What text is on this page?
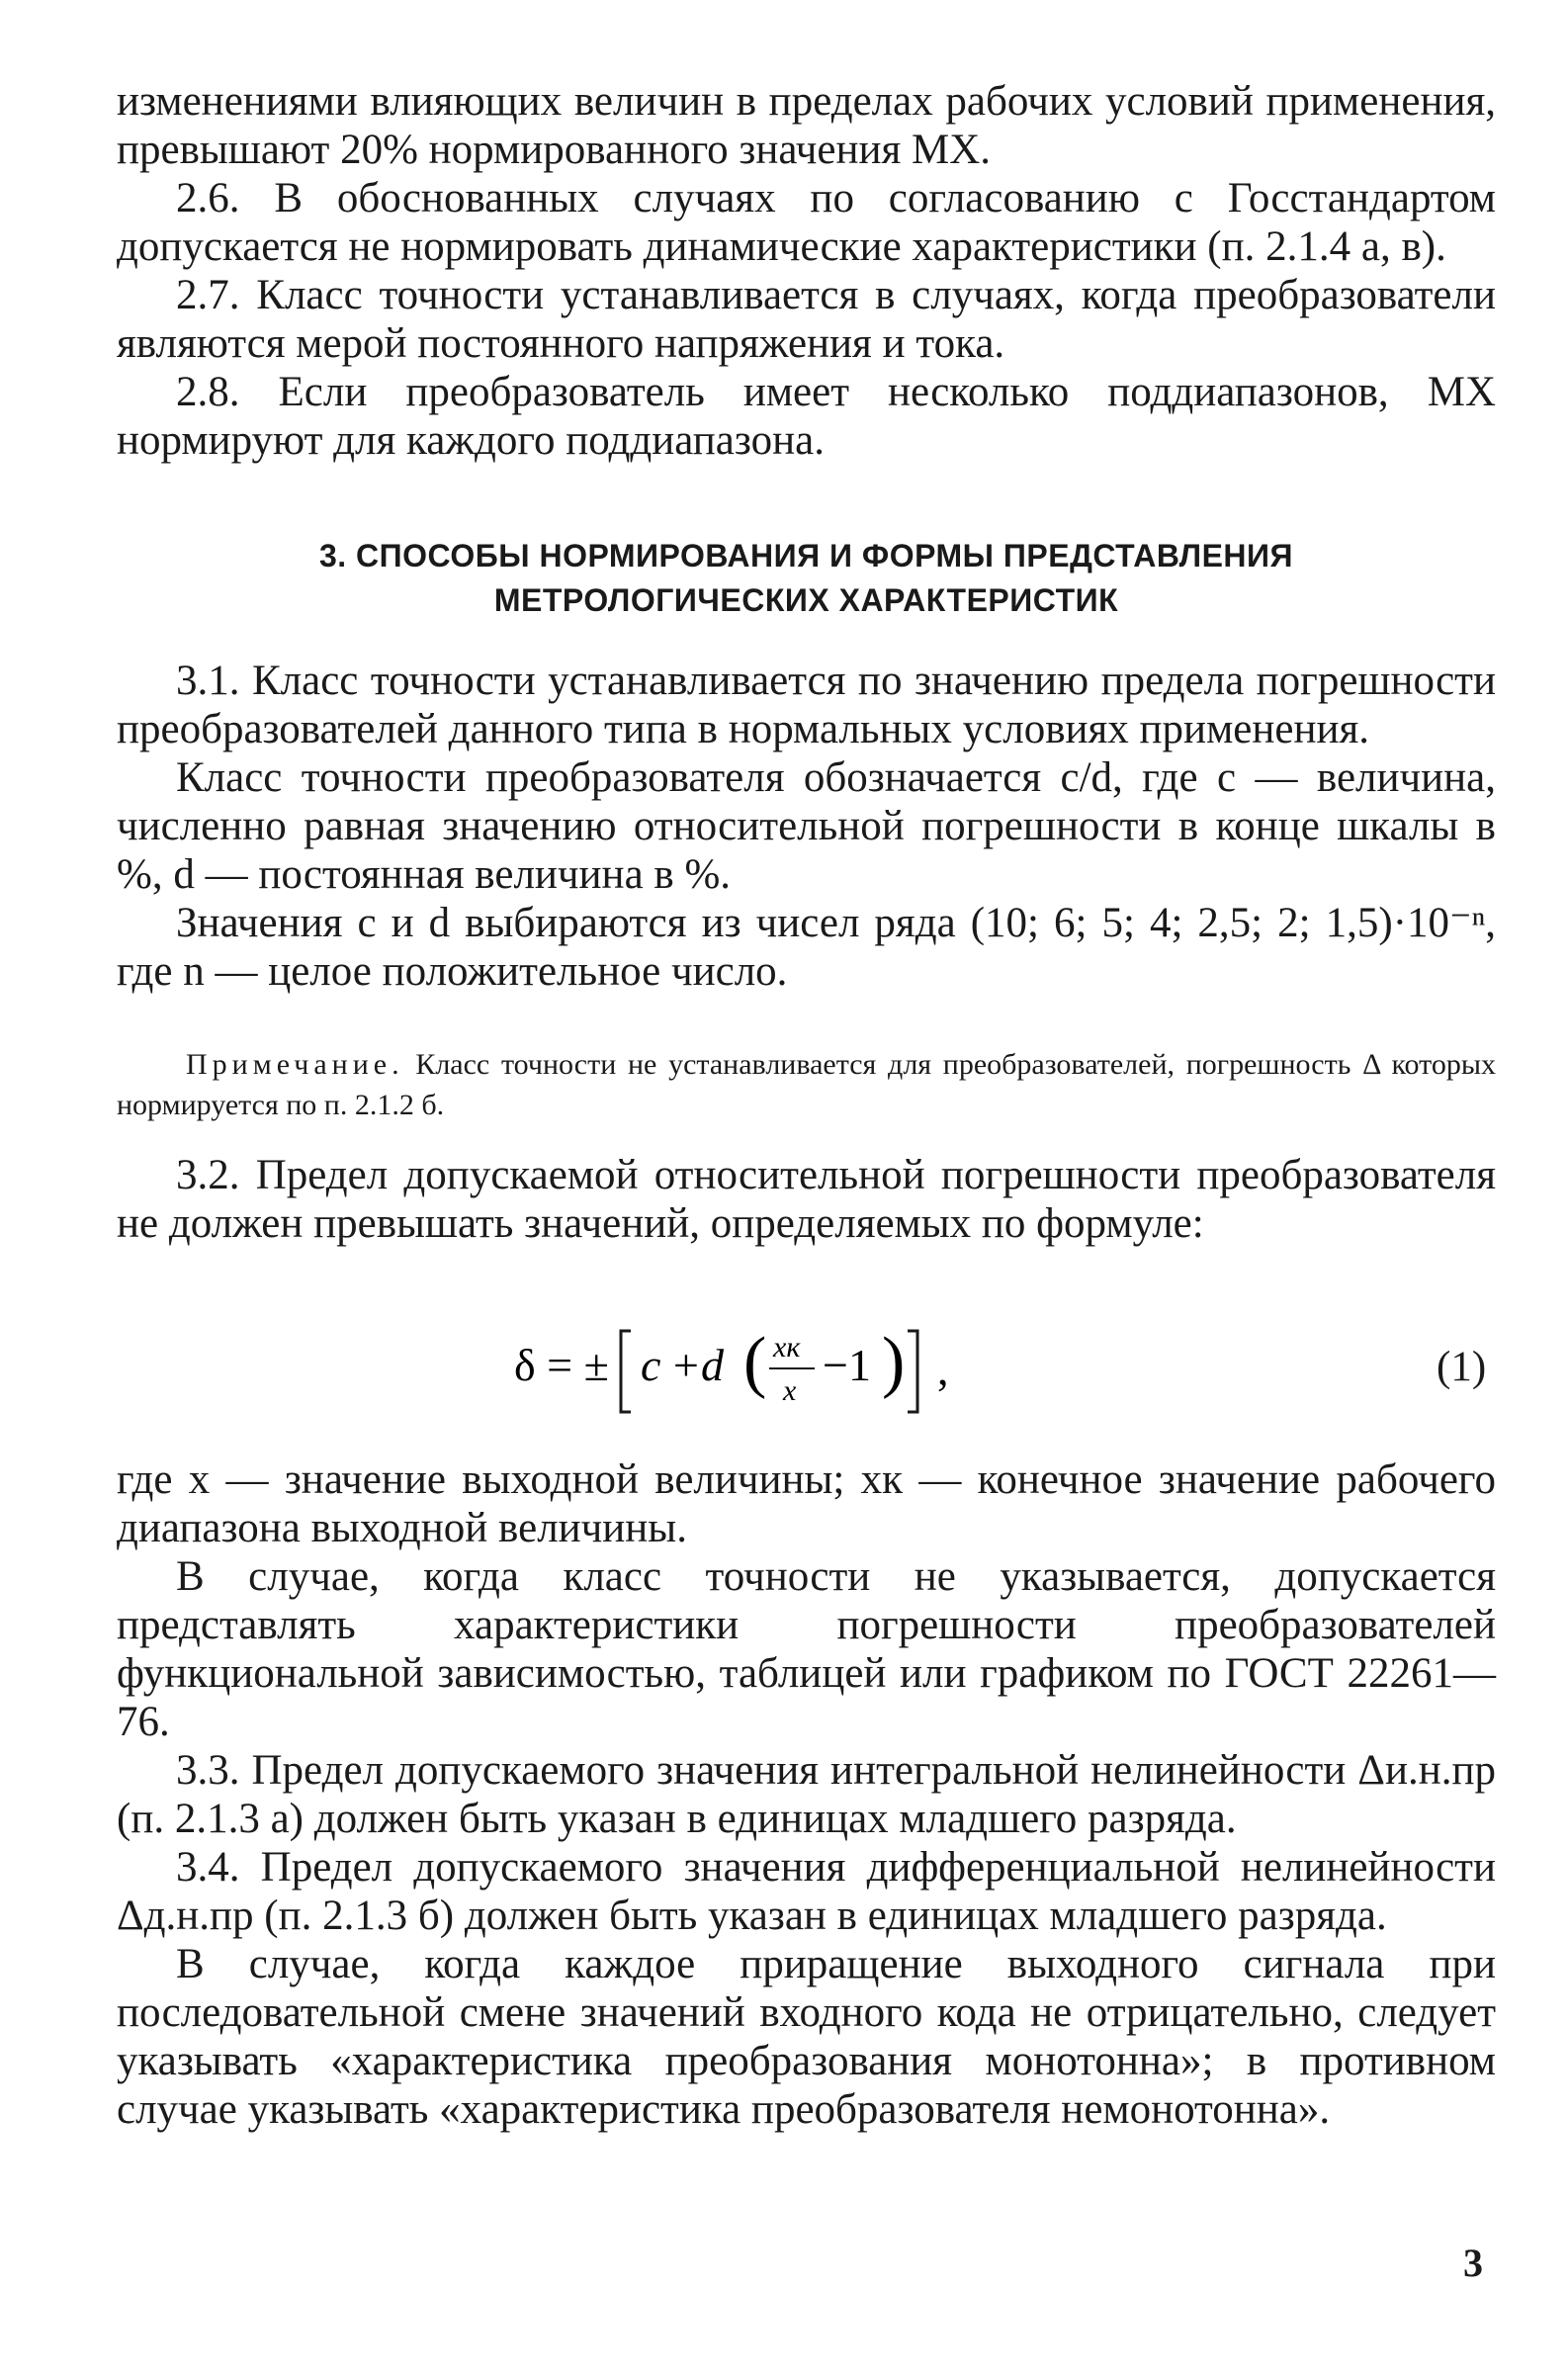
изменениями влияющих величин в пределах рабочих условий применения, превышают 20% нормированного значения МХ.

2.6. В обоснованных случаях по согласованию с Госстандартом допускается не нормировать динамические характеристики (п. 2.1.4 а, в).

2.7. Класс точности устанавливается в случаях, когда преобразователи являются мерой постоянного напряжения и тока.

2.8. Если преобразователь имеет несколько поддиапазонов, МХ нормируют для каждого поддиапазона.

3. СПОСОБЫ НОРМИРОВАНИЯ И ФОРМЫ ПРЕДСТАВЛЕНИЯ
МЕТРОЛОГИЧЕСКИХ ХАРАКТЕРИСТИК

3.1. Класс точности устанавливается по значению предела погрешности преобразователей данного типа в нормальных условиях применения.

Класс точности преобразователя обозначается c/d, где c — величина, численно равная значению относительной погрешности в конце шкалы в %, d — постоянная величина в %.

Значения c и d выбираются из чисел ряда (10; 6; 5; 4; 2,5; 2; 1,5)·10⁻ⁿ, где n — целое положительное число.

Примечание. Класс точности не устанавливается для преобразователей, погрешность Δ которых нормируется по п. 2.1.2 б.

3.2. Предел допускаемой относительной погрешности преобразователя не должен превышать значений, определяемых по формуле:

δ = ± c +d ( xк
x
−1 ) ,	(1)

где x — значение выходной величины; xк — конечное значение рабочего диапазона выходной величины.

В случае, когда класс точности не указывается, допускается представлять характеристики погрешности преобразователей функциональной зависимостью, таблицей или графиком по ГОСТ 22261—76.

3.3. Предел допускаемого значения интегральной нелинейности Δи.н.пр (п. 2.1.3 а) должен быть указан в единицах младшего разряда.

3.4. Предел допускаемого значения дифференциальной нелинейности Δд.н.пр (п. 2.1.3 б) должен быть указан в единицах младшего разряда.

В случае, когда каждое приращение выходного сигнала при последовательной смене значений входного кода не отрицательно, следует указывать «характеристика преобразования монотонна»; в противном случае указывать «характеристика преобразователя немонотонна».

3
